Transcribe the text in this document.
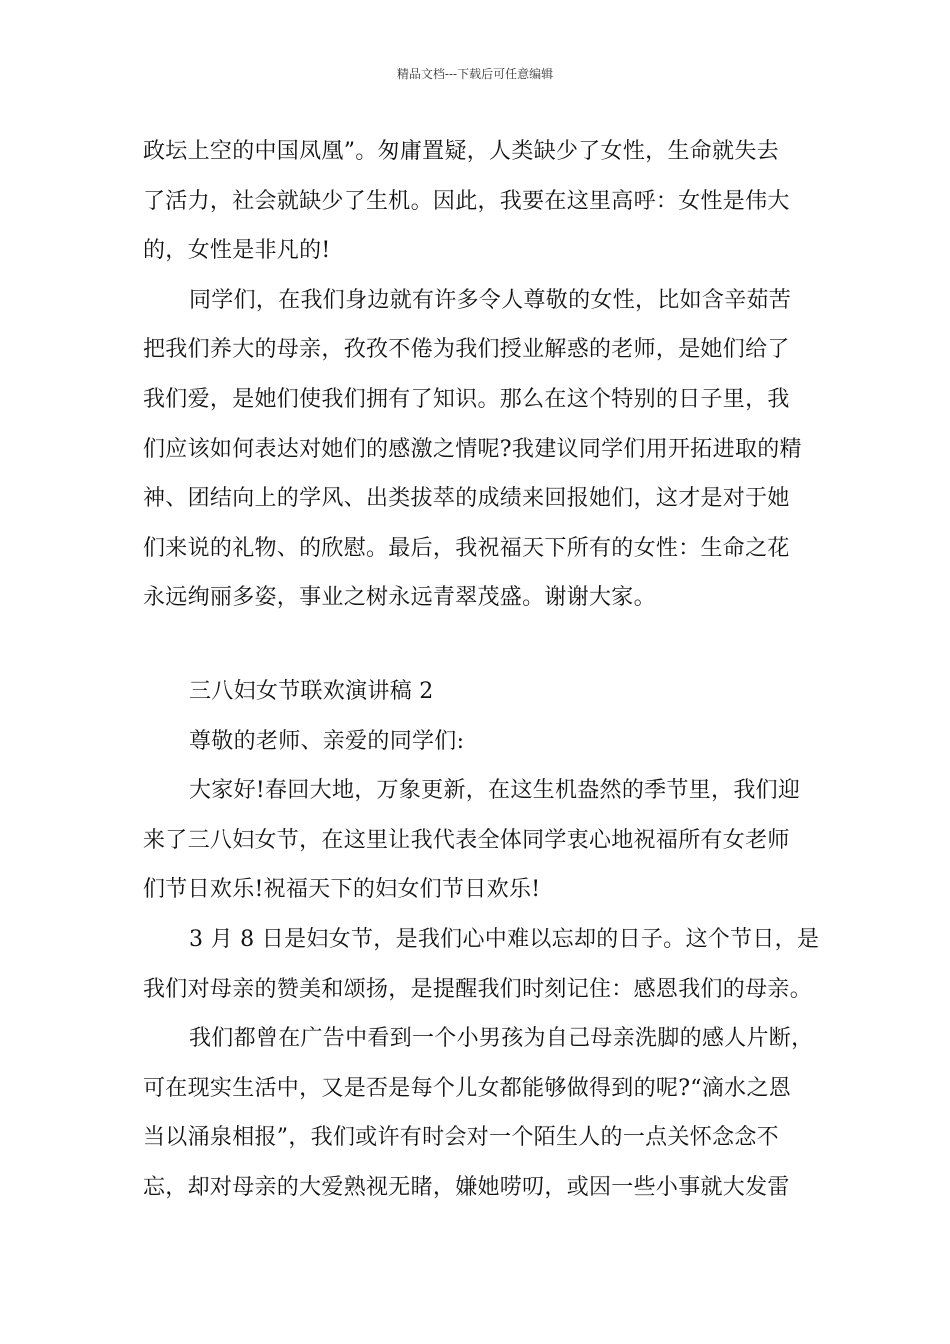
精品文档---下载后可任意编辑
政坛上空的中国凤凰”。匆庸置疑，人类缺少了女性，生命就失去
了活力，社会就缺少了生机。因此，我要在这里高呼：女性是伟大
的，女性是非凡的!
同学们，在我们身边就有许多令人尊敬的女性，比如含辛茹苦
把我们养大的母亲，孜孜不倦为我们授业解惑的老师，是她们给了
我们爱，是她们使我们拥有了知识。那么在这个特别的日子里，我
们应该如何表达对她们的感激之情呢?我建议同学们用开拓进取的精
神、团结向上的学风、出类拔萃的成绩来回报她们，这才是对于她
们来说的礼物、的欣慰。最后，我祝福天下所有的女性：生命之花
永远绚丽多姿，事业之树永远青翠茂盛。谢谢大家。
三八妇女节联欢演讲稿 2
尊敬的老师、亲爱的同学们:
大家好!春回大地，万象更新，在这生机盎然的季节里，我们迎
来了三八妇女节，在这里让我代表全体同学衷心地祝福所有女老师
们节日欢乐!祝福天下的妇女们节日欢乐!
3 月 8 日是妇女节，是我们心中难以忘却的日子。这个节日，是
我们对母亲的赞美和颂扬，是提醒我们时刻记住：感恩我们的母亲。
我们都曾在广告中看到一个小男孩为自己母亲洗脚的感人片断，
可在现实生活中，又是否是每个儿女都能够做得到的呢?“滴水之恩
当以涌泉相报”，我们或许有时会对一个陌生人的一点关怀念念不
忘，却对母亲的大爱熟视无睹，嫌她唠叨，或因一些小事就大发雷
